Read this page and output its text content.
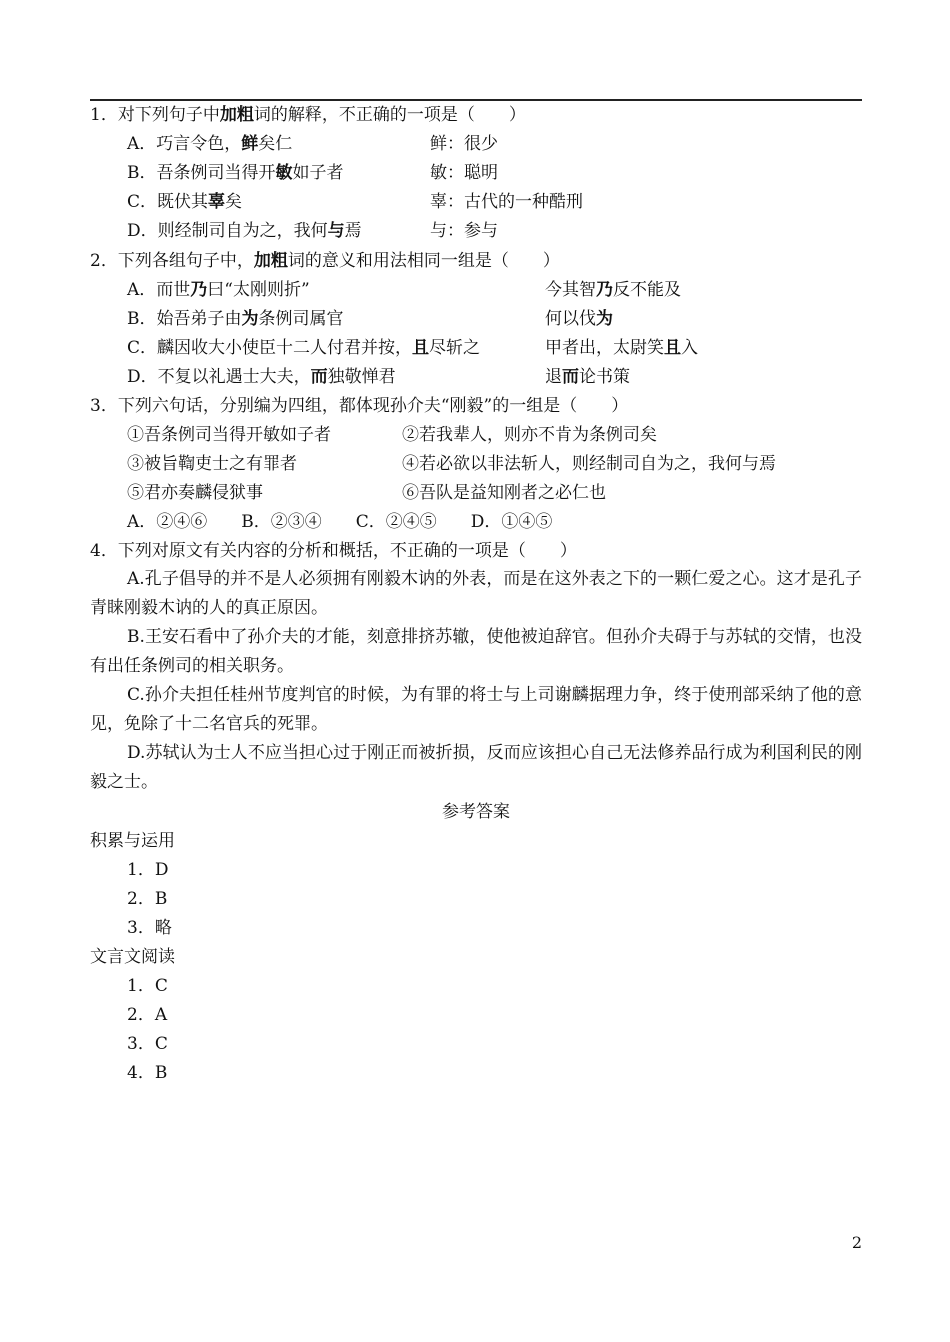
1．对下列句子中加粗词的解释，不正确的一项是（　　）
A．巧言令色，鲜矣仁	鲜：很少
B．吾条例司当得开敏如子者	敏：聪明
C．既伏其辜矣	辜：古代的一种酷刑
D．则经制司自为之，我何与焉	与：参与
2．下列各组句子中，加粗词的意义和用法相同一组是（　　）
A．而世乃曰“太刚则折”	今其智乃反不能及
B．始吾弟子由为条例司属官	何以伐为
C．麟因收大小使臣十二人付君并按，且尽斩之	甲者出，太尉笑且入
D．不复以礼遇士大夫，而独敬惮君	退而论书策
3．下列六句话，分别编为四组，都体现孙介夫“刚毅”的一组是（　　）
①吾条例司当得开敏如子者	②若我辈人，则亦不肯为条例司矣
③被旨鞫吏士之有罪者	④若必欲以非法斩人，则经制司自为之，我何与焉
⑤君亦奏麟侵狱事	⑥吾队是益知刚者之必仁也
A．②④⑥　　B．②③④　　C．②④⑤　　D．①④⑤
4．下列对原文有关内容的分析和概括，不正确的一项是（　　）
A.孔子倡导的并不是人必须拥有刚毅木讷的外表，而是在这外表之下的一颗仁爱之心。这才是孔子青睐刚毅木讷的人的真正原因。
B.王安石看中了孙介夫的才能，刻意排挤苏辙，使他被迫辞官。但孙介夫碍于与苏轼的交情，也没有出任条例司的相关职务。
C.孙介夫担任桂州节度判官的时候，为有罪的将士与上司谢麟据理力争，终于使刑部采纳了他的意见，免除了十二名官兵的死罪。
D.苏轼认为士人不应当担心过于刚正而被折损，反而应该担心自己无法修养品行成为利国利民的刚毅之士。
参考答案
积累与运用
1．D
2．B
3．略
文言文阅读
1．C
2．A
3．C
4．B
2
